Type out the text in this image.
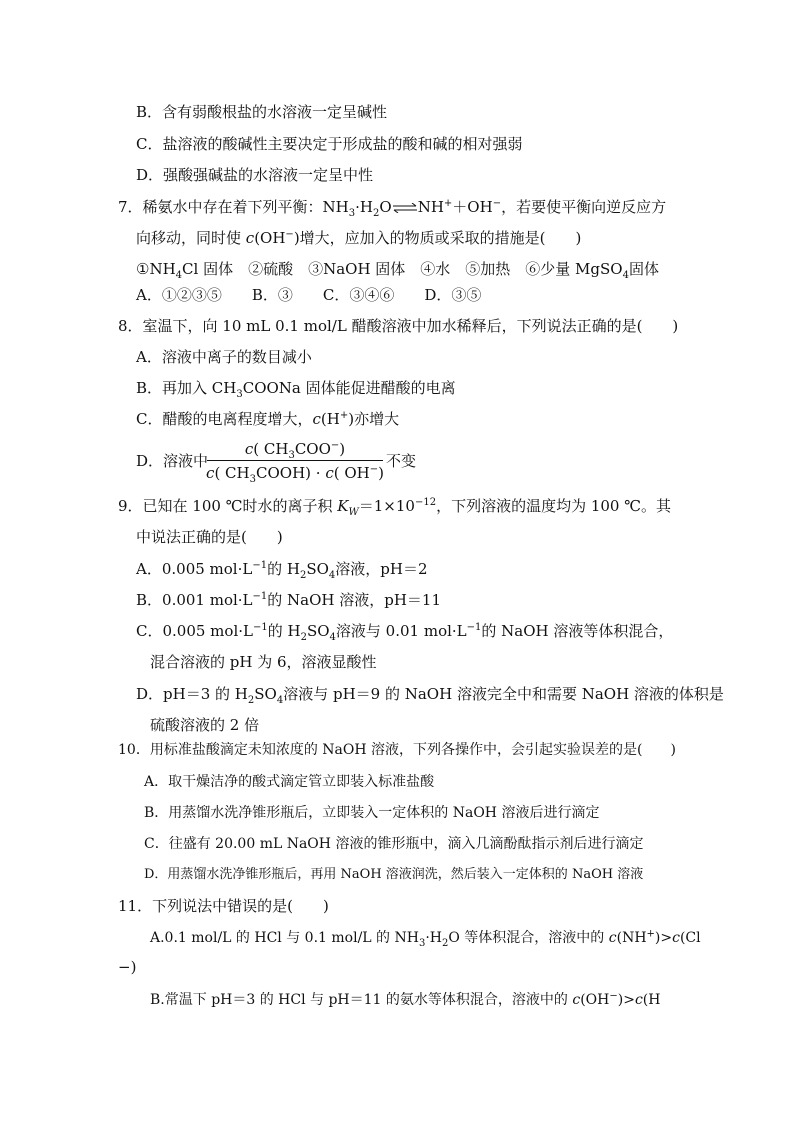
B．含有弱酸根盐的水溶液一定呈碱性
C．盐溶液的酸碱性主要决定于形成盐的酸和碱的相对强弱
D．强酸强碱盐的水溶液一定呈中性
7．稀氨水中存在着下列平衡：$NH_3\cdot H_2O\rightleftharpoons NH^++OH^-$，若要使平衡向逆反应方
向移动，同时使 c(OH−)增大，应加入的物质或采取的措施是(　　)
$①NH_4Cl$ 固体　②硫酸　③NaOH 固体　④水　⑤加热　⑥少量 MgSO$_4$固体
A．①②③⑤　　B．③　　C．③④⑥　　D．③⑤
8．室温下，向 10 mL 0.1 mol/L 醋酸溶液中加水稀释后，下列说法正确的是(　　)
A．溶液中离子的数目减小
B．再加入 $CH_3COONa$ 固体能促进醋酸的电离
C．醋酸的电离程度增大，c(H+)亦增大
D．溶液中
c( $CH_3COO^-$)
c( $CH_3COOH) \cdot c$( OH−)
不变
9．已知在 100 ℃时水的离子积 $K_W=1\times 10^{-12}$，下列溶液的温度均为 100 ℃。其
中说法正确的是(　　)
A．0.005 $mol\cdot L^{-1}$的 $H_2SO_4$溶液，pH＝2
B．0.001 $mol\cdot L^{-1}$的 NaOH 溶液，pH＝11
C．0.005 $mol\cdot L^{-1}$的 $H_2SO_4$溶液与 0.01 $mol\cdot L^{-1}$的 NaOH 溶液等体积混合，
混合溶液的 pH 为 6，溶液显酸性
D．pH＝3 的 $H_2SO_4$溶液与 pH＝9 的 NaOH 溶液完全中和需要 NaOH 溶液的体积是
硫酸溶液的 2 倍
10．用标准盐酸滴定未知浓度的 NaOH 溶液，下列各操作中，会引起实验误差的是(　　)
A．取干燥洁净的酸式滴定管立即装入标准盐酸
B．用蒸馏水洗净锥形瓶后，立即装入一定体积的 NaOH 溶液后进行滴定
C．往盛有 20.00 mL NaOH 溶液的锥形瓶中，滴入几滴酚酞指示剂后进行滴定
D．用蒸馏水洗净锥形瓶后，再用 NaOH 溶液润洗，然后装入一定体积的 NaOH 溶液
11．下列说法中错误的是(　　)
A.0.1 mol/L 的 HCl 与 0.1 mol/L 的 $NH_3\cdot H_2O$ 等体积混合，溶液中的 c(NH+)>c(Cl
−)
B.常温下 pH＝3 的 HCl 与 pH＝11 的氨水等体积混合，溶液中的 c(OH−)>c(H
